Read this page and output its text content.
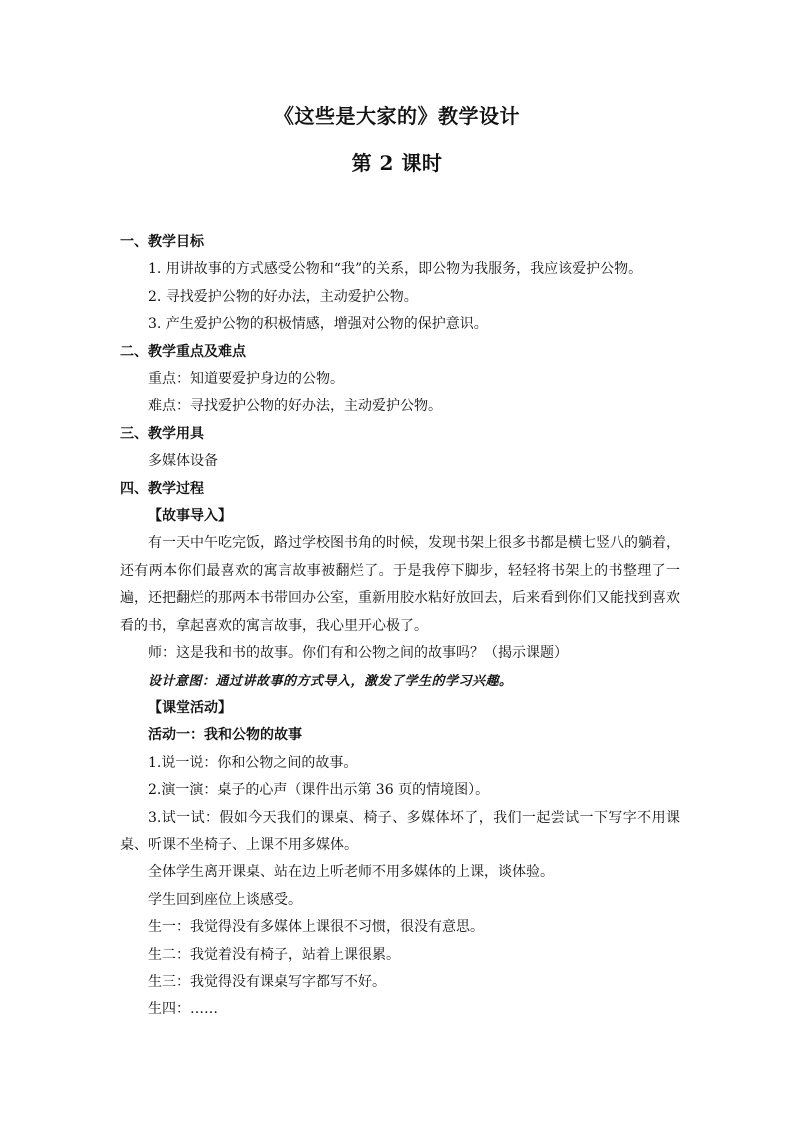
《这些是大家的》教学设计
第 2 课时

一、教学目标

1. 用讲故事的方式感受公物和“我”的关系，即公物为我服务，我应该爱护公物。

2. 寻找爱护公物的好办法，主动爱护公物。

3. 产生爱护公物的积极情感，增强对公物的保护意识。

二、教学重点及难点

重点：知道要爱护身边的公物。

难点：寻找爱护公物的好办法，主动爱护公物。

三、教学用具

多媒体设备

四、教学过程

【故事导入】

有一天中午吃完饭，路过学校图书角的时候，发现书架上很多书都是横七竖八的躺着，还有两本你们最喜欢的寓言故事被翻烂了。于是我停下脚步，轻轻将书架上的书整理了一遍，还把翻烂的那两本书带回办公室，重新用胶水粘好放回去，后来看到你们又能找到喜欢看的书，拿起喜欢的寓言故事，我心里开心极了。

师：这是我和书的故事。你们有和公物之间的故事吗？（揭示课题）

设计意图：通过讲故事的方式导入，激发了学生的学习兴趣。

【课堂活动】

活动一：我和公物的故事

1.说一说：你和公物之间的故事。

2.演一演：桌子的心声（课件出示第 36 页的情境图）。

3.试一试：假如今天我们的课桌、椅子、多媒体坏了，我们一起尝试一下写字不用课桌、听课不坐椅子、上课不用多媒体。

全体学生离开课桌、站在边上听老师不用多媒体的上课，谈体验。

学生回到座位上谈感受。

生一：我觉得没有多媒体上课很不习惯，很没有意思。

生二：我觉着没有椅子，站着上课很累。

生三：我觉得没有课桌写字都写不好。

生四：……
